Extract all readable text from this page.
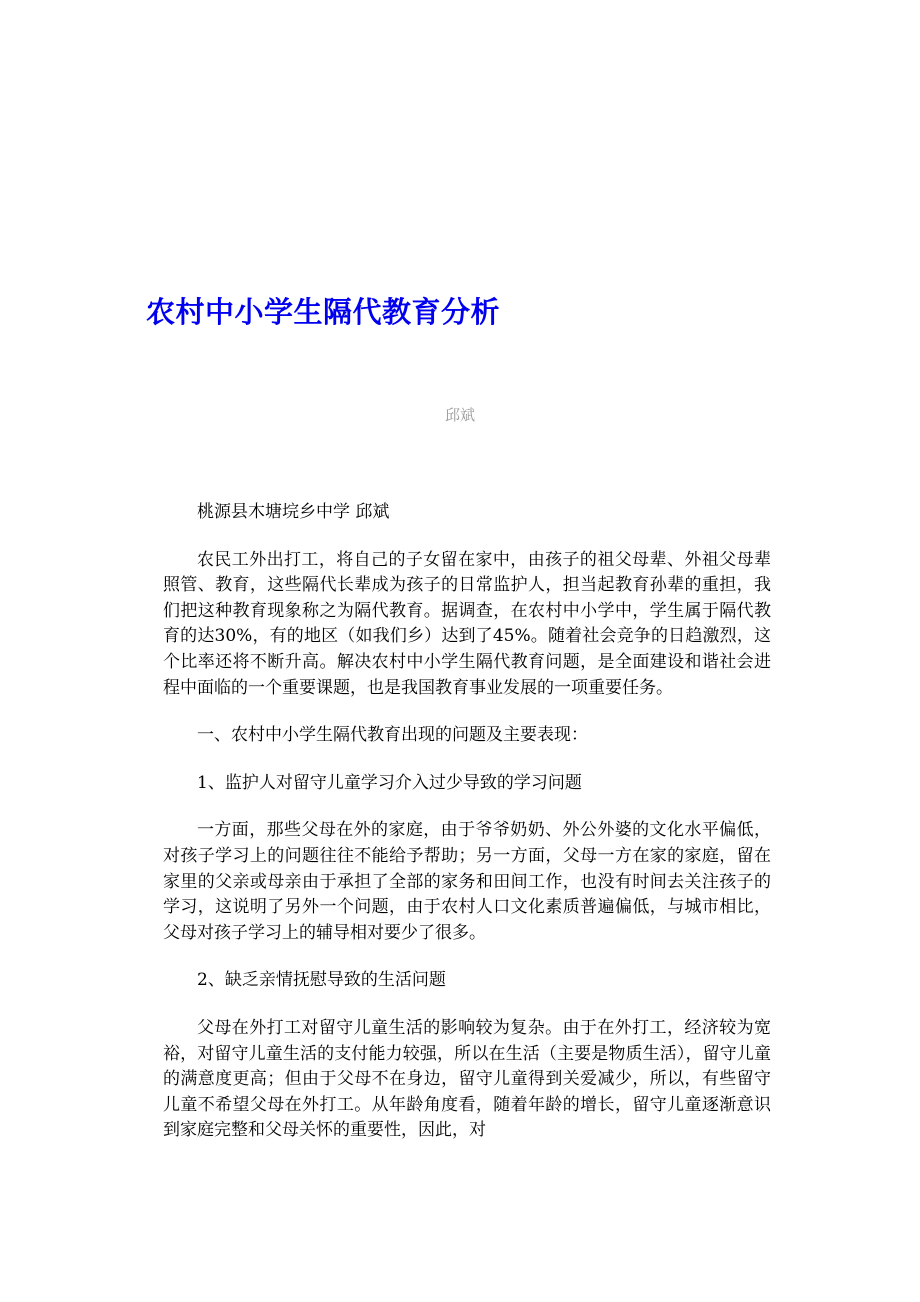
农村中小学生隔代教育分析
邱斌

桃源县木塘垸乡中学 邱斌

农民工外出打工，将自己的子女留在家中，由孩子的祖父母辈、外祖父母辈照管、教育，这些隔代长辈成为孩子的日常监护人，担当起教育孙辈的重担，我们把这种教育现象称之为隔代教育。据调查，在农村中小学中，学生属于隔代教育的达30%，有的地区（如我们乡）达到了45%。随着社会竞争的日趋激烈，这个比率还将不断升高。解决农村中小学生隔代教育问题，是全面建设和谐社会进程中面临的一个重要课题，也是我国教育事业发展的一项重要任务。

一、农村中小学生隔代教育出现的问题及主要表现：

1、监护人对留守儿童学习介入过少导致的学习问题

一方面，那些父母在外的家庭，由于爷爷奶奶、外公外婆的文化水平偏低，对孩子学习上的问题往往不能给予帮助；另一方面，父母一方在家的家庭，留在家里的父亲或母亲由于承担了全部的家务和田间工作，也没有时间去关注孩子的学习，这说明了另外一个问题，由于农村人口文化素质普遍偏低，与城市相比，父母对孩子学习上的辅导相对要少了很多。

2、缺乏亲情抚慰导致的生活问题

父母在外打工对留守儿童生活的影响较为复杂。由于在外打工，经济较为宽裕，对留守儿童生活的支付能力较强，所以在生活（主要是物质生活），留守儿童的满意度更高；但由于父母不在身边，留守儿童得到关爱减少，所以，有些留守儿童不希望父母在外打工。从年龄角度看，随着年龄的增长，留守儿童逐渐意识到家庭完整和父母关怀的重要性，因此，对
